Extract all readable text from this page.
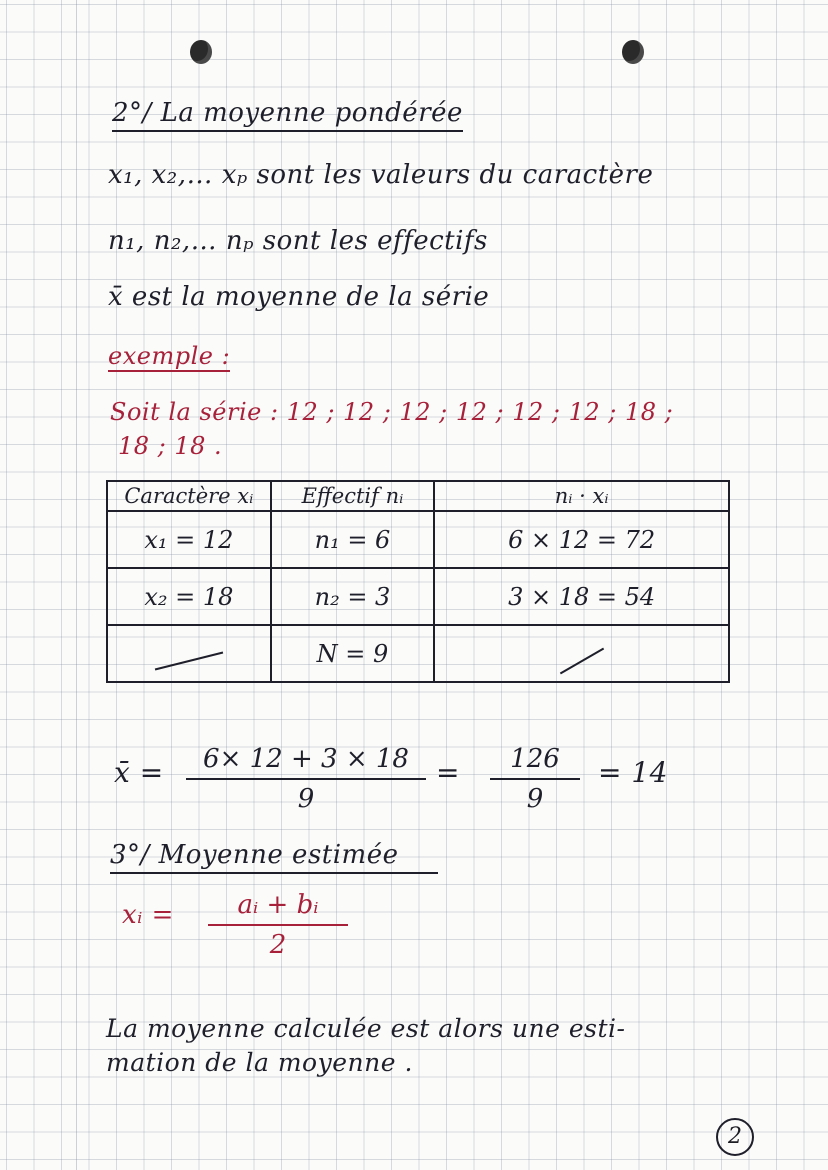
2°/ La moyenne pondérée
x₁, x₂,… xₚ sont les valeurs du caractère
n₁, n₂,… nₚ sont les effectifs
x̄ est la moyenne de la série
exemple :
Soit la série : 12 ; 12 ; 12 ; 12 ; 12 ; 12 ; 18 ;
18 ; 18 .
Caractère xᵢ	Effectif nᵢ	nᵢ · xᵢ
x₁ = 12	n₁ = 6	6 × 12 = 72
x₂ = 18	n₂ = 3	3 × 18 = 54
	N = 9	
x̄ = $\frac{6\times 12 + 3 \times 18}{9} = \frac{126}{9} = 14$
3°/ Moyenne estimée
xᵢ = $\frac{\text{aᵢ + bᵢ}}{2}$
La moyenne calculée est alors une esti-
mation de la moyenne .
2
